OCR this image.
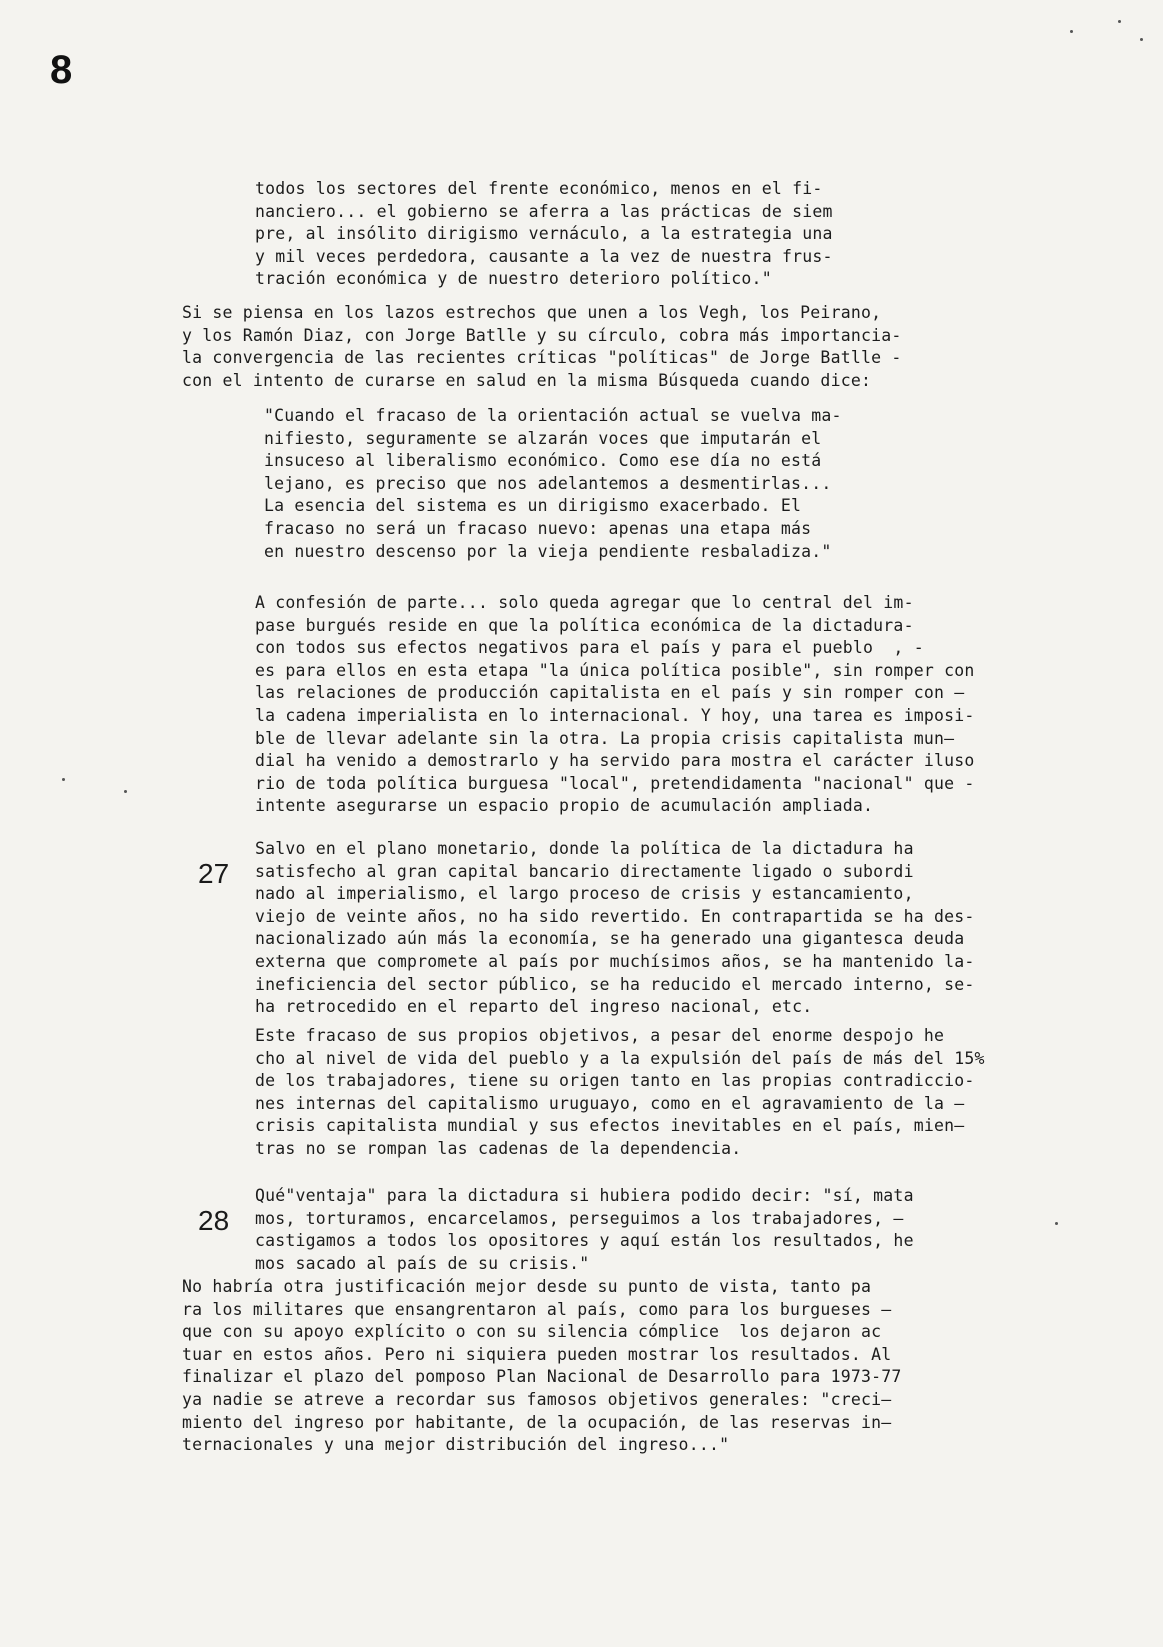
8
todos los sectores del frente económico, menos en el fi-
nanciero... el gobierno se aferra a las prácticas de siem
pre, al insólito dirigismo vernáculo, a la estrategia una
y mil veces perdedora, causante a la vez de nuestra frus-
tración económica y de nuestro deterioro político."
Si se piensa en los lazos estrechos que unen a los Vegh, los Peirano,
y los Ramón Diaz, con Jorge Batlle y su círculo, cobra más importancia-
la convergencia de las recientes críticas "políticas" de Jorge Batlle -
con el intento de curarse en salud en la misma Búsqueda cuando dice:
"Cuando el fracaso de la orientación actual se vuelva ma-
nifiesto, seguramente se alzarán voces que imputarán el
insuceso al liberalismo económico. Como ese día no está
lejano, es preciso que nos adelantemos a desmentirlas...
La esencia del sistema es un dirigismo exacerbado. El
fracaso no será un fracaso nuevo: apenas una etapa más
en nuestro descenso por la vieja pendiente resbaladiza."
A confesión de parte... solo queda agregar que lo central del im-
pase burgués reside en que la política económica de la dictadura-
con todos sus efectos negativos para el país y para el pueblo  , -
es para ellos en esta etapa "la única política posible", sin romper con
las relaciones de producción capitalista en el país y sin romper con —
la cadena imperialista en lo internacional. Y hoy, una tarea es imposi-
ble de llevar adelante sin la otra. La propia crisis capitalista mun—
dial ha venido a demostrarlo y ha servido para mostra el carácter iluso
rio de toda política burguesa "local", pretendidamenta "nacional" que -
intente asegurarse un espacio propio de acumulación ampliada.
27
Salvo en el plano monetario, donde la política de la dictadura ha
satisfecho al gran capital bancario directamente ligado o subordi
nado al imperialismo, el largo proceso de crisis y estancamiento,
viejo de veinte años, no ha sido revertido. En contrapartida se ha des-
nacionalizado aún más la economía, se ha generado una gigantesca deuda
externa que compromete al país por muchísimos años, se ha mantenido la-
ineficiencia del sector público, se ha reducido el mercado interno, se-
ha retrocedido en el reparto del ingreso nacional, etc.
Este fracaso de sus propios objetivos, a pesar del enorme despojo he
cho al nivel de vida del pueblo y a la expulsión del país de más del 15%
de los trabajadores, tiene su origen tanto en las propias contradiccio-
nes internas del capitalismo uruguayo, como en el agravamiento de la —
crisis capitalista mundial y sus efectos inevitables en el país, mien—
tras no se rompan las cadenas de la dependencia.
28
Qué"ventaja" para la dictadura si hubiera podido decir: "sí, mata
mos, torturamos, encarcelamos, perseguimos a los trabajadores, —
castigamos a todos los opositores y aquí están los resultados, he
mos sacado al país de su crisis."
No habría otra justificación mejor desde su punto de vista, tanto pa
ra los militares que ensangrentaron al país, como para los burgueses —
que con su apoyo explícito o con su silencia cómplice  los dejaron ac
tuar en estos años. Pero ni siquiera pueden mostrar los resultados. Al
finalizar el plazo del pomposo Plan Nacional de Desarrollo para 1973-77
ya nadie se atreve a recordar sus famosos objetivos generales: "creci—
miento del ingreso por habitante, de la ocupación, de las reservas in—
ternacionales y una mejor distribución del ingreso..."
